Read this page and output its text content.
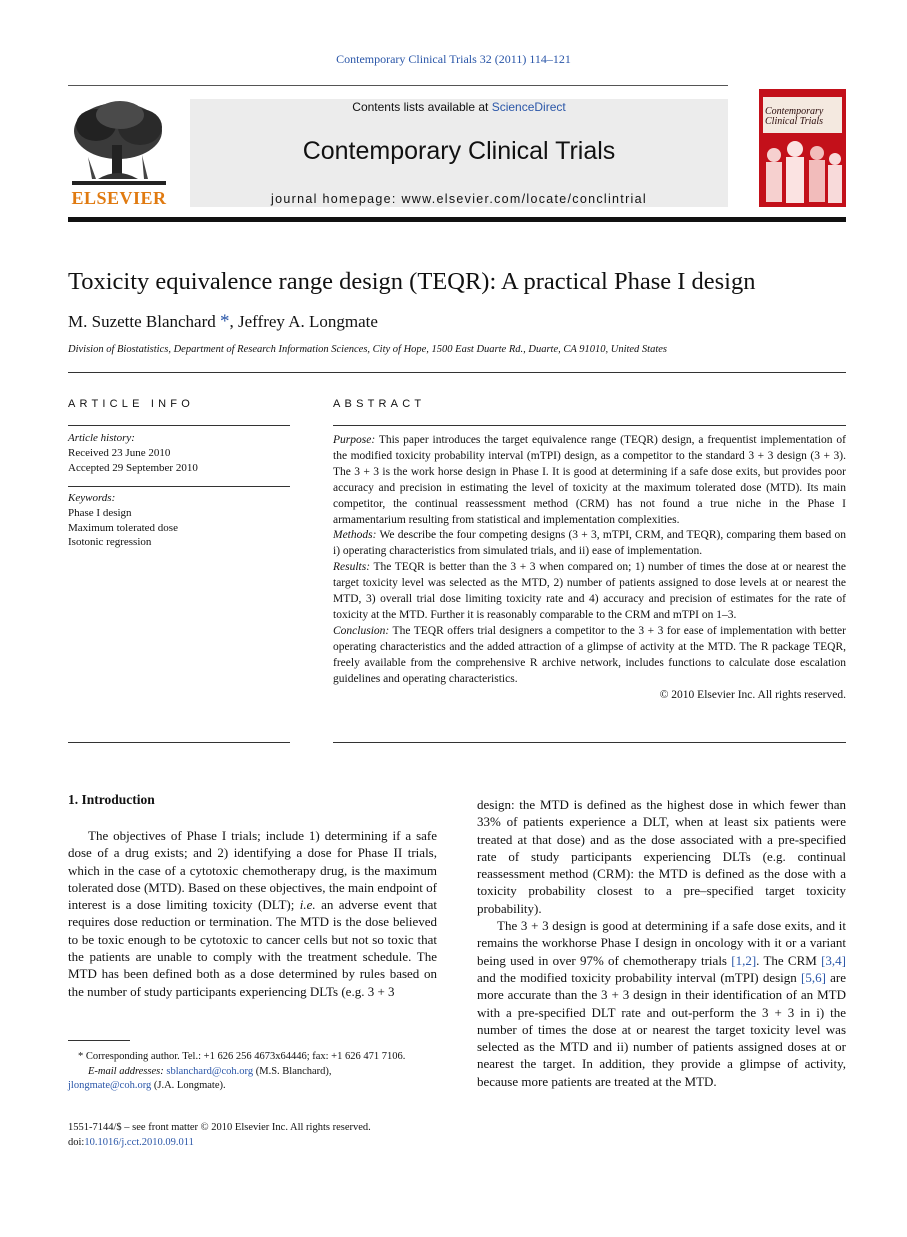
Contemporary Clinical Trials 32 (2011) 114–121
ELSEVIER
Contents lists available at ScienceDirect
Contemporary Clinical Trials
journal homepage: www.elsevier.com/locate/conclintrial
Contemporary Clinical Trials
Toxicity equivalence range design (TEQR): A practical Phase I design
M. Suzette Blanchard *, Jeffrey A. Longmate
Division of Biostatistics, Department of Research Information Sciences, City of Hope, 1500 East Duarte Rd., Duarte, CA 91010, United States
ARTICLE INFO
Article history:
Received 23 June 2010
Accepted 29 September 2010
Keywords:
Phase I design
Maximum tolerated dose
Isotonic regression
ABSTRACT

Purpose: This paper introduces the target equivalence range (TEQR) design, a frequentist implementation of the modified toxicity probability interval (mTPI) design, as a competitor to the standard 3 + 3 design (3 + 3). The 3 + 3 is the work horse design in Phase I. It is good at determining if a safe dose exits, but provides poor accuracy and precision in estimating the level of toxicity at the maximum tolerated dose (MTD). Its main competitor, the continual reassessment method (CRM) has not found a true niche in the Phase I armamentarium resulting from statistical and implementation complexities.

Methods: We describe the four competing designs (3 + 3, mTPI, CRM, and TEQR), comparing them based on i) operating characteristics from simulated trials, and ii) ease of implementation.

Results: The TEQR is better than the 3 + 3 when compared on; 1) number of times the dose at or nearest the target toxicity level was selected as the MTD, 2) number of patients assigned to dose levels at or nearest the MTD, 3) overall trial dose limiting toxicity rate and 4) accuracy and precision of estimates for the rate of toxicity at the MTD. Further it is reasonably comparable to the CRM and mTPI on 1–3.

Conclusion: The TEQR offers trial designers a competitor to the 3 + 3 for ease of implementation with better operating characteristics and the added attraction of a glimpse of activity at the MTD. The R package TEQR, freely available from the comprehensive R archive network, includes functions to calculate dose escalation guidelines and operating characteristics.

© 2010 Elsevier Inc. All rights reserved.

1. Introduction

The objectives of Phase I trials; include 1) determining if a safe dose of a drug exists; and 2) identifying a dose for Phase II trials, which in the case of a cytotoxic chemotherapy drug, is the maximum tolerated dose (MTD). Based on these objectives, the main endpoint of interest is a dose limiting toxicity (DLT); i.e. an adverse event that requires dose reduction or termination. The MTD is the dose believed to be toxic enough to be cytotoxic to cancer cells but not so toxic that the patients are unable to comply with the treatment schedule. The MTD has been defined both as a dose determined by rules based on the number of study participants experiencing DLTs (e.g. 3 + 3

design: the MTD is defined as the highest dose in which fewer than 33% of patients experience a DLT, when at least six patients were treated at that dose) and as the dose associated with a pre-specified rate of study participants experiencing DLTs (e.g. continual reassessment method (CRM): the MTD is defined as the dose with a toxicity probability closest to a pre–specified target toxicity probability).

The 3 + 3 design is good at determining if a safe dose exits, and it remains the workhorse Phase I design in oncology with it or a variant being used in over 97% of chemotherapy trials [1,2]. The CRM [3,4] and the modified toxicity probability interval (mTPI) design [5,6] are more accurate than the 3 + 3 design in their identification of an MTD with a pre-specified DLT rate and out-perform the 3 + 3 in i) the number of times the dose at or nearest the target toxicity level was selected as the MTD and ii) number of patients assigned doses at or nearest the target. In addition, they provide a glimpse of activity, because more patients are treated at the MTD.

* Corresponding author. Tel.: +1 626 256 4673x64446; fax: +1 626 471 7106.
E-mail addresses: sblanchard@coh.org (M.S. Blanchard),
jlongmate@coh.org (J.A. Longmate).
1551-7144/$ – see front matter © 2010 Elsevier Inc. All rights reserved.
doi:10.1016/j.cct.2010.09.011
